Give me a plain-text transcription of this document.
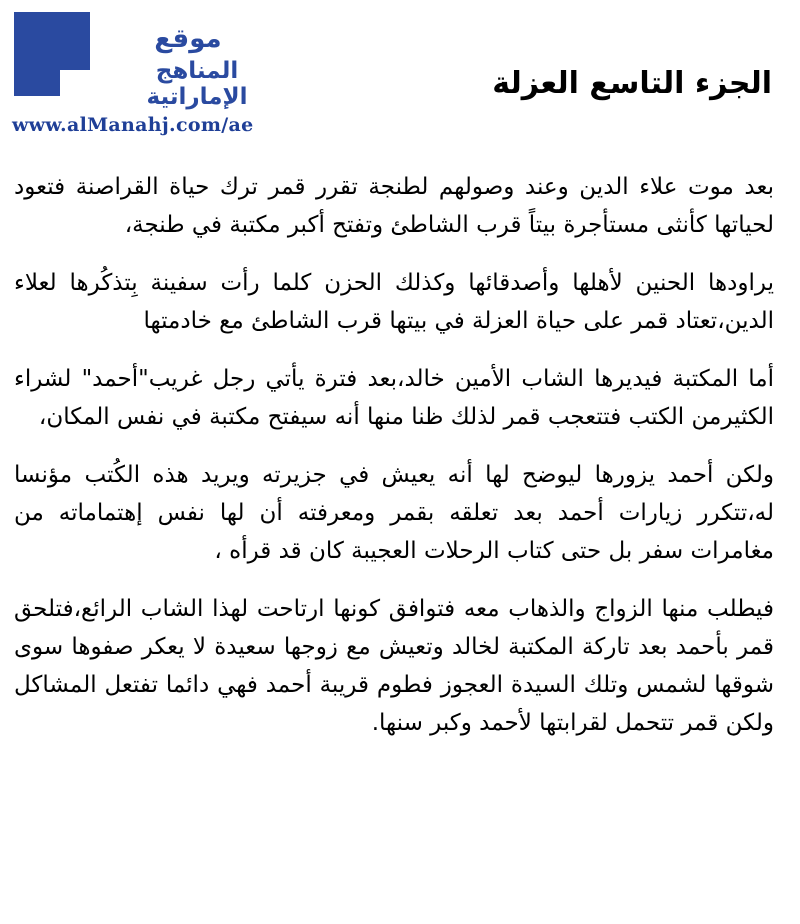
موقع
المناهج الإماراتية
www.alManahj.com/ae
الجزء التاسع العزلة

بعد موت علاء الدين وعند وصولهم لطنجة تقرر قمر ترك حياة القراصنة فتعود لحياتها كأنثى مستأجرة بيتاً قرب الشاطئ وتفتح أكبر مكتبة في طنجة،

يراودها الحنين لأهلها وأصدقائها وكذلك الحزن كلما رأت سفينة بِتذكُرها لعلاء الدين،تعتاد قمر على حياة العزلة في بيتها قرب الشاطئ مع خادمتها

أما المكتبة فيديرها الشاب الأمين خالد،بعد فترة يأتي رجل غريب"أحمد" لشراء الكثيرمن الكتب فتتعجب قمر لذلك ظنا منها أنه سيفتح مكتبة في نفس المكان،

ولكن أحمد يزورها ليوضح لها أنه يعيش في جزيرته ويريد هذه الكُتب مؤنسا له،تتكرر زيارات أحمد بعد تعلقه بقمر ومعرفته أن لها نفس إهتماماته من مغامرات سفر بل حتى كتاب الرحلات العجيبة كان قد قرأه ،

فيطلب منها الزواج والذهاب معه فتوافق كونها ارتاحت لهذا الشاب الرائع،فتلحق قمر بأحمد بعد تاركة المكتبة لخالد وتعيش مع زوجها سعيدة لا يعكر صفوها سوى شوقها لشمس وتلك السيدة العجوز فطوم قريبة أحمد فهي دائما تفتعل المشاكل ولكن قمر تتحمل لقرابتها لأحمد وكبر سنها.
